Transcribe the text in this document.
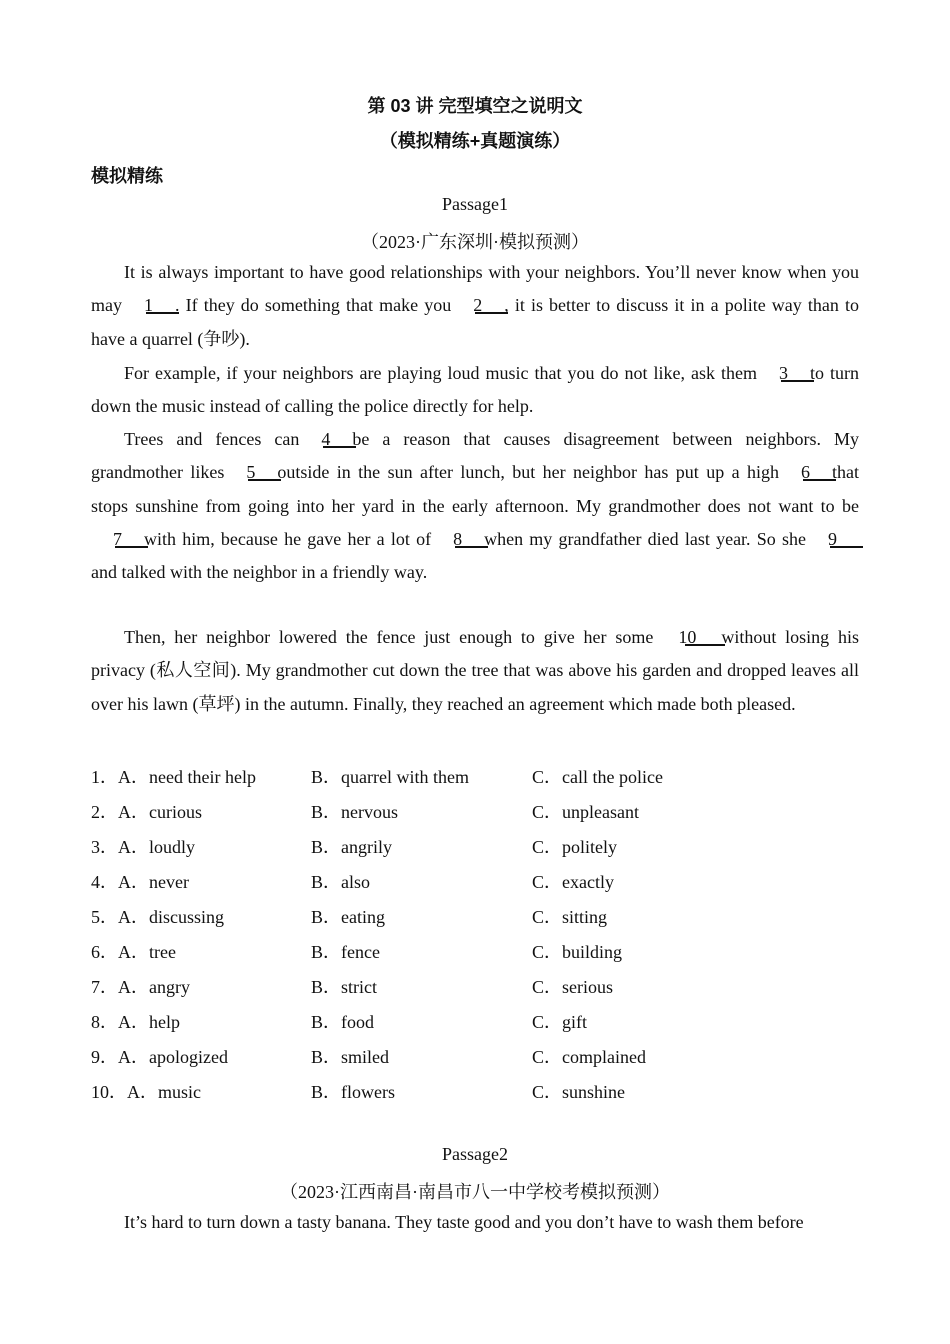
第 03 讲 完型填空之说明文
（模拟精练+真题演练）
模拟精练
Passage1
（2023·广东深圳·模拟预测）

It is always important to have good relationships with your neighbors. You’ll never know when you may 1 . If they do something that make you 2 , it is better to discuss it in a polite way than to have a quarrel (争吵).

For example, if your neighbors are playing loud music that you do not like, ask them 3 to turn down the music instead of calling the police directly for help.

Trees and fences can 4 be a reason that causes disagreement between neighbors. My grandmother likes 5 outside in the sun after lunch, but her neighbor has put up a high 6 that stops sunshine from going into her yard in the early afternoon. My grandmother does not want to be7 with him, because he gave her a lot of 8 when my grandfather died last year. So she 9and talked with the neighbor in a friendly way.

Then, her neighbor lowered the fence just enough to give her some 10 without losing his privacy (私人空间). My grandmother cut down the tree that was above his garden and dropped leaves all over his lawn (草坪) in the autumn. Finally, they reached an agreement which made both pleased.

1．A．need their help	B．quarrel with them	C．call the police
2．A．curious	B．nervous	C．unpleasant
3．A．loudly	B．angrily	C．politely
4．A．never	B．also	C．exactly
5．A．discussing	B．eating	C．sitting
6．A．tree	B．fence	C．building
7．A．angry	B．strict	C．serious
8．A．help	B．food	C．gift
9．A．apologized	B．smiled	C．complained
10．A．music	B．flowers	C．sunshine
Passage2
（2023·江西南昌·南昌市八一中学校考模拟预测）

It’s hard to turn down a tasty banana. They taste good and you don’t have to wash them before
